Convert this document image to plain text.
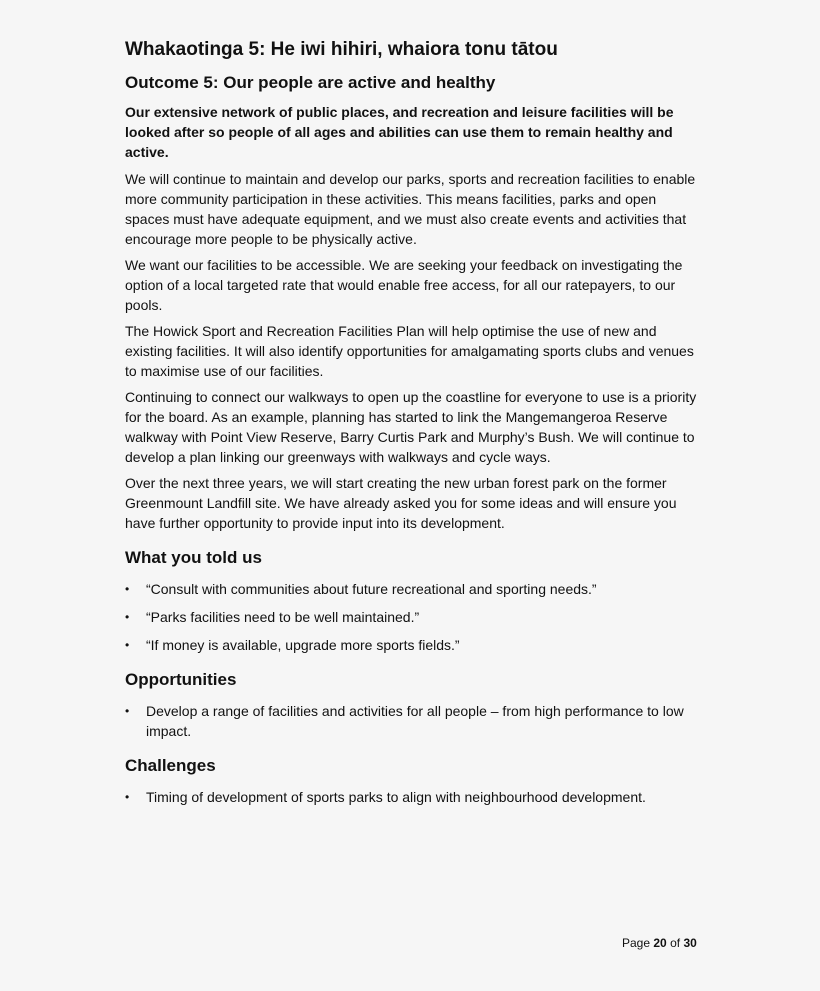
Whakaotinga 5: He iwi hihiri, whaiora tonu tātou
Outcome 5: Our people are active and healthy

Our extensive network of public places, and recreation and leisure facilities will be looked after so people of all ages and abilities can use them to remain healthy and active.

We will continue to maintain and develop our parks, sports and recreation facilities to enable more community participation in these activities. This means facilities, parks and open spaces must have adequate equipment, and we must also create events and activities that encourage more people to be physically active.

We want our facilities to be accessible. We are seeking your feedback on investigating the option of a local targeted rate that would enable free access, for all our ratepayers, to our pools.

The Howick Sport and Recreation Facilities Plan will help optimise the use of new and existing facilities. It will also identify opportunities for amalgamating sports clubs and venues to maximise use of our facilities.

Continuing to connect our walkways to open up the coastline for everyone to use is a priority for the board. As an example, planning has started to link the Mangemangeroa Reserve walkway with Point View Reserve, Barry Curtis Park and Murphy’s Bush. We will continue to develop a plan linking our greenways with walkways and cycle ways.

Over the next three years, we will start creating the new urban forest park on the former Greenmount Landfill site. We have already asked you for some ideas and will ensure you have further opportunity to provide input into its development.

What you told us
• “Consult with communities about future recreational and sporting needs.”
• “Parks facilities need to be well maintained.”
• “If money is available, upgrade more sports fields.”
Opportunities
• Develop a range of facilities and activities for all people – from high performance to low impact.
Challenges
• Timing of development of sports parks to align with neighbourhood development.
Page 20 of 30
